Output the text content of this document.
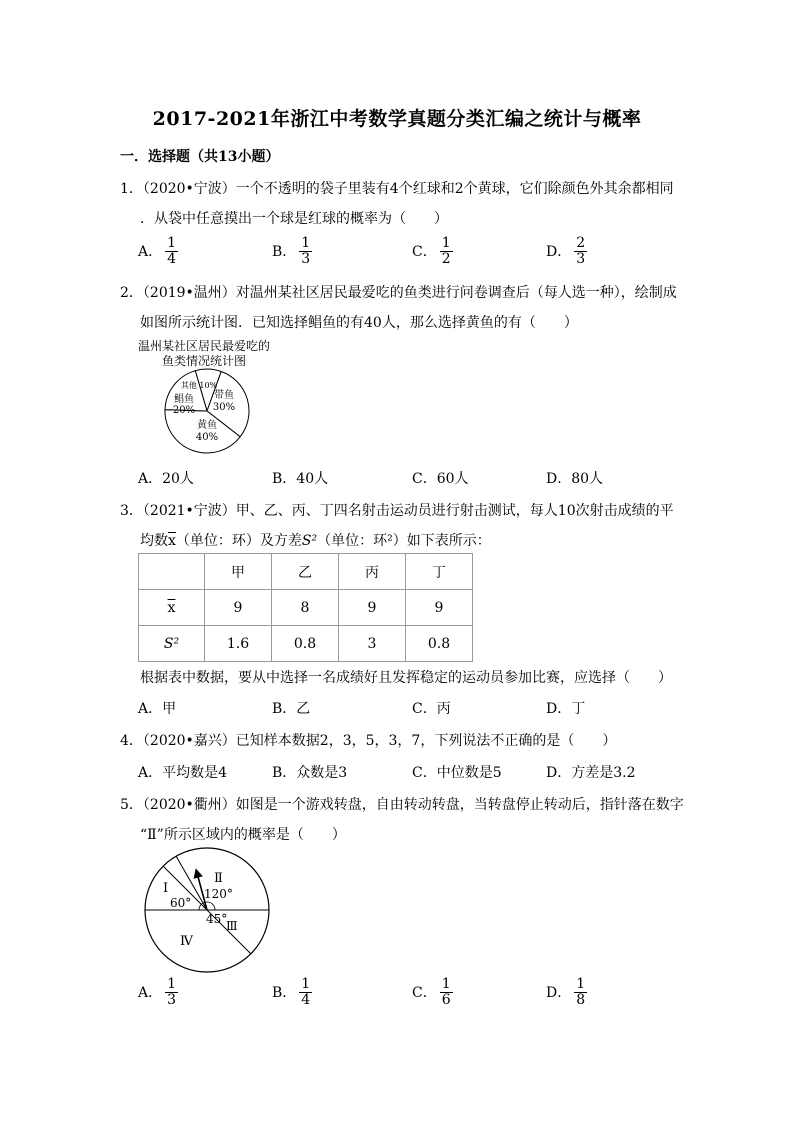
2017-2021年浙江中考数学真题分类汇编之统计与概率
一．选择题（共13小题）
1．（2020•宁波）一个不透明的袋子里装有4个红球和2个黄球，它们除颜色外其余都相同
．从袋中任意摸出一个球是红球的概率为（　　）
A． $\frac{1}{4}$	B． $\frac{1}{3}$	C． $\frac{1}{2}$	D． $\frac{2}{3}$
2．（2019•温州）对温州某社区居民最爱吃的鱼类进行问卷调查后（每人选一种），绘制成
如图所示统计图．已知选择鲳鱼的有40人，那么选择黄鱼的有（　　）
温州某社区居民最爱吃的
鱼类情况统计图
其他 10%
带鱼
30%
黄鱼
40%
鲳鱼
20%
A．20人	B．40人	C．60人	D．80人
3．（2021•宁波）甲、乙、丙、丁四名射击运动员进行射击测试，每人10次射击成绩的平
均数$\overline{x}$（单位：环）及方差S²（单位：环²）如下表所示：
	甲	乙	丙	丁
$\overline{x}$	9	8	9	9
S²	1.6	0.8	3	0.8
根据表中数据，要从中选择一名成绩好且发挥稳定的运动员参加比赛，应选择（　　）
A．甲	B．乙	C．丙	D．丁
4．（2020•嘉兴）已知样本数据2，3，5，3，7，下列说法不正确的是（　　）
A．平均数是4	B．众数是3	C．中位数是5	D．方差是3.2
5．（2020•衢州）如图是一个游戏转盘，自由转动转盘，当转盘停止转动后，指针落在数字
“Ⅱ”所示区域内的概率是（　　）
Ⅰ
Ⅱ
120°
60°
45°
Ⅲ
Ⅳ
A． $\frac{1}{3}$	B． $\frac{1}{4}$	C． $\frac{1}{6}$	D． $\frac{1}{8}$
